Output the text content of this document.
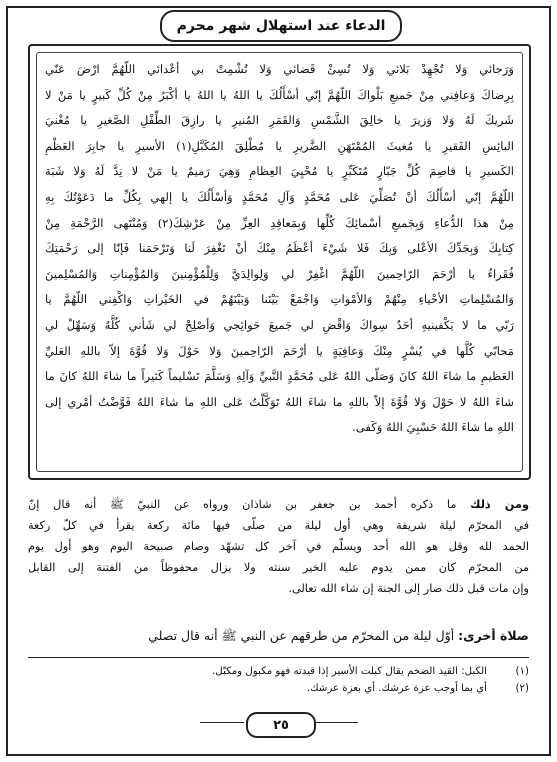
الدعاء عند استهلال شهر محرم
وَرَجائي وَلا تُجْهِدْ بَلائي وَلا تُسِئْ قَضائي وَلا تُشْمِتْ بي أعْدائي اللّهُمَّ ارْضَ عَنّي
بِرِضاكَ وَعافِني مِنْ جَميعِ بَلْواكَ اللّهُمَّ إنّي أسْأَلُكَ يا اللهُ يا اللهُ يا أكْبَرُ مِنْ كُلِّ كَبيرٍ يا مَنْ لا
شَريكَ لَهُ وَلا وَزيرَ يا خالِقَ الشَّمْسِ وَالقَمَرِ المُنيرِ يا رازِقَ الطِّفْلِ الصَّغيرِ يا مُغْنيَ
البائِسِ الفَقيرِ يا مُغيثَ المُمْتَهَنِ الضَّريرِ يا مُطْلِقَ المُكَبَّلِ(١) الأسيرِ يا جابِرَ العَظْمِ
الكَسيرِ يا قاصِمَ كُلِّ جَبّارٍ مُتَكَبِّرٍ يا مُحْيِيَ العِظامِ وَهِيَ رَميمٌ يا مَنْ لا نِدَّ لَهُ وَلا شَبَهَ
اللّهُمَّ إنّي أسْأَلُكَ أنْ تُصَلِّيَ عَلى مُحَمَّدٍ وَآلِ مُحَمَّدٍ وَأسْأَلُكَ يا إلهي بِكُلِّ ما دَعَوْتُكَ بِهِ
مِنْ هذا الدُّعاءِ وَبِجَميعِ أسْمائِكَ كُلِّها وَبِمَعاقِدِ العِزِّ مِنْ عَرْشِكَ(٢) وَمُنْتَهى الرَّحْمَةِ مِنْ
كِتابِكَ وَبِجَدِّكَ الأعْلى وَبِكَ فَلا شَيْءَ أعْظَمُ مِنْكَ أنْ تَغْفِرَ لَنا وَتَرْحَمَنا فَإنّا إلى رَحْمَتِكَ
فُقَراءُ يا أرْحَمَ الرّاحِمينَ اللّهُمَّ اغْفِرْ لي وَلِوالِدَيَّ وَلِلْمُؤْمِنينَ وَالمُؤْمِناتِ وَالمُسْلِمينَ
وَالمُسْلِماتِ الأحْياءِ مِنْهُمْ وَالأمْواتِ وَاجْمَعْ بَيْنَنا وَبَيْنَهُمْ في الخَيْراتِ وَاكْفِني اللّهُمَّ يا
رَبّي ما لا يَكْفينيهِ أحَدٌ سِواكَ وَاقْضِ لي جَميعَ حَوائِجي وَأصْلِحْ لي شَأني كُلَّهُ وَسَهِّلْ لي
مَحابّي كُلَّها في يُسْرٍ مِنْكَ وَعافِيَةٍ يا أرْحَمَ الرّاحِمينَ وَلا حَوْلَ وَلا قُوَّةَ إلاّ باللهِ العَليِّ
العَظيمِ ما شاءَ اللهُ كانَ وَصَلّى اللهُ عَلى مُحَمَّدٍ النَّبيِّ وَآلِهِ وَسَلَّمَ تَسْليماً كَثيراً ما شاءَ اللهُ كانَ ما
شاءَ اللهُ لا حَوْلَ وَلا قُوَّةَ إلاّ باللهِ ما شاءَ اللهُ تَوَكَّلْتُ عَلى اللهِ ما شاءَ اللهُ فَوَّضْتُ أمْري إلى
اللهِ ما شاءَ اللهُ حَسْبِيَ اللهُ وَكَفى.
ومن ذلك ما ذكره أحمد بن جعفر بن شاذان ورواه عن النبيّ ﷺ أنه قال إنّ
في المحرّم ليلة شريفة وهي أول ليلة من صلّى فيها مائة ركعة يقرأ في كلّ ركعة
الحمد لله وقل هو الله أحد ويسلّم في آخر كل تشهّد وصام صبيحة اليوم وهو أول يوم
من المحرّم كان ممن يدوم عليه الخير سنته ولا يزال محفوظاً من الفتنة إلى القابل
وإن مات قبل ذلك صار إلى الجنة إن شاء الله تعالى.
صلاة أُخرى: أوّل ليلة من المحرّم من طرقهم عن النبي ﷺ أنه قال تصلي
(١)
الكبل: القيد الضخم يقال كبلت الأسير إذا قيدته فهو مكبول ومكبّل.
(٢)
أي بما أوجب عزة عرشك. أي بعزة عرشك.
٢٥
